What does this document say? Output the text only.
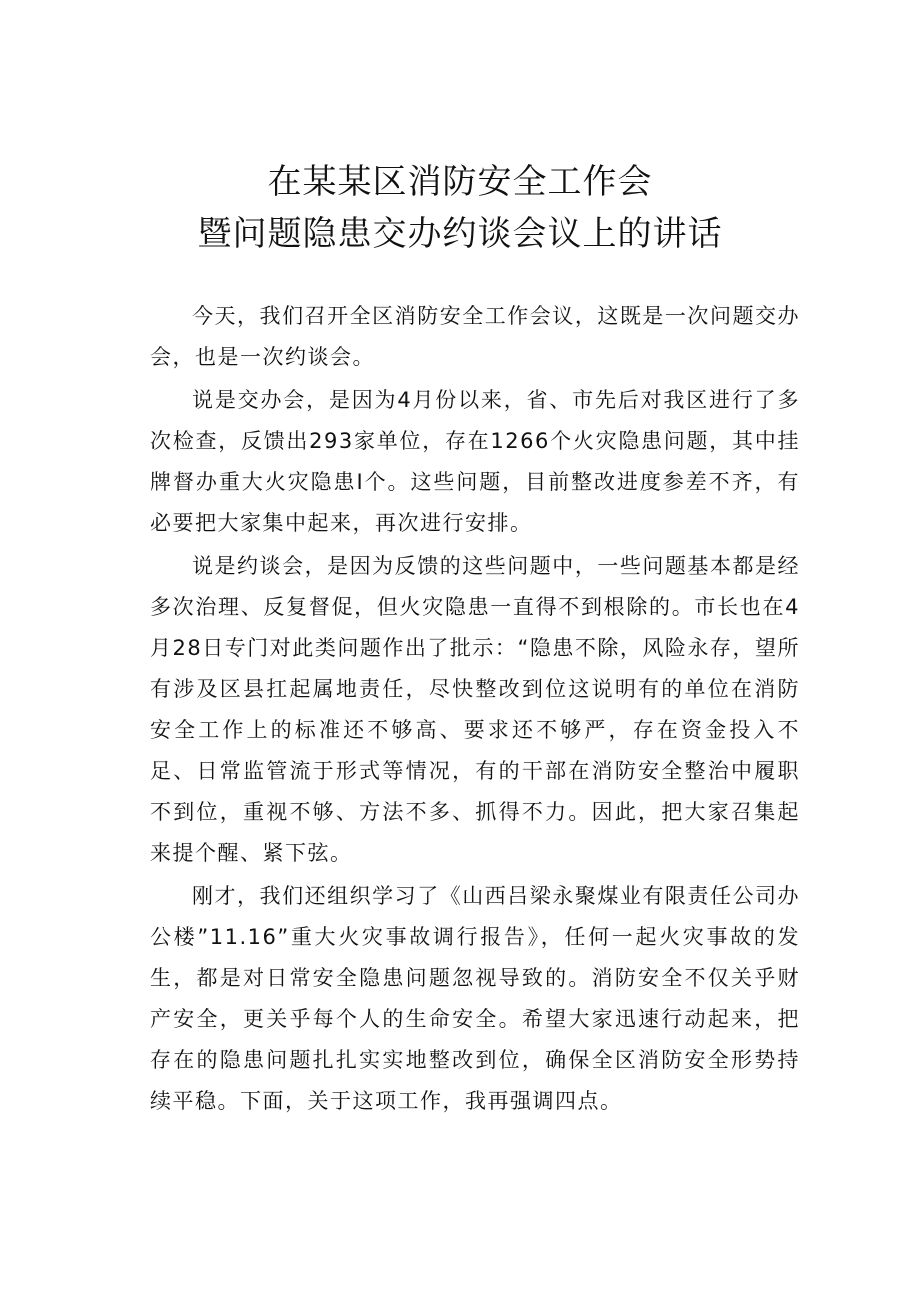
在某某区消防安全工作会
暨问题隐患交办约谈会议上的讲话

今天，我们召开全区消防安全工作会议，这既是一次问题交办会，也是一次约谈会。

说是交办会，是因为4月份以来，省、市先后对我区进行了多次检查，反馈出293家单位，存在1266个火灾隐患问题，其中挂牌督办重大火灾隐患I个。这些问题，目前整改进度参差不齐，有必要把大家集中起来，再次进行安排。

说是约谈会，是因为反馈的这些问题中，一些问题基本都是经多次治理、反复督促，但火灾隐患一直得不到根除的。市长也在4月28日专门对此类问题作出了批示：“隐患不除，风险永存，望所有涉及区县扛起属地责任，尽快整改到位这说明有的单位在消防安全工作上的标准还不够高、要求还不够严，存在资金投入不足、日常监管流于形式等情况，有的干部在消防安全整治中履职不到位，重视不够、方法不多、抓得不力。因此，把大家召集起来提个醒、紧下弦。

刚才，我们还组织学习了《山西吕梁永聚煤业有限责任公司办公楼”11.16”重大火灾事故调行报告》，任何一起火灾事故的发生，都是对日常安全隐患问题忽视导致的。消防安全不仅关乎财产安全，更关乎每个人的生命安全。希望大家迅速行动起来，把存在的隐患问题扎扎实实地整改到位，确保全区消防安全形势持续平稳。下面，关于这项工作，我再强调四点。
